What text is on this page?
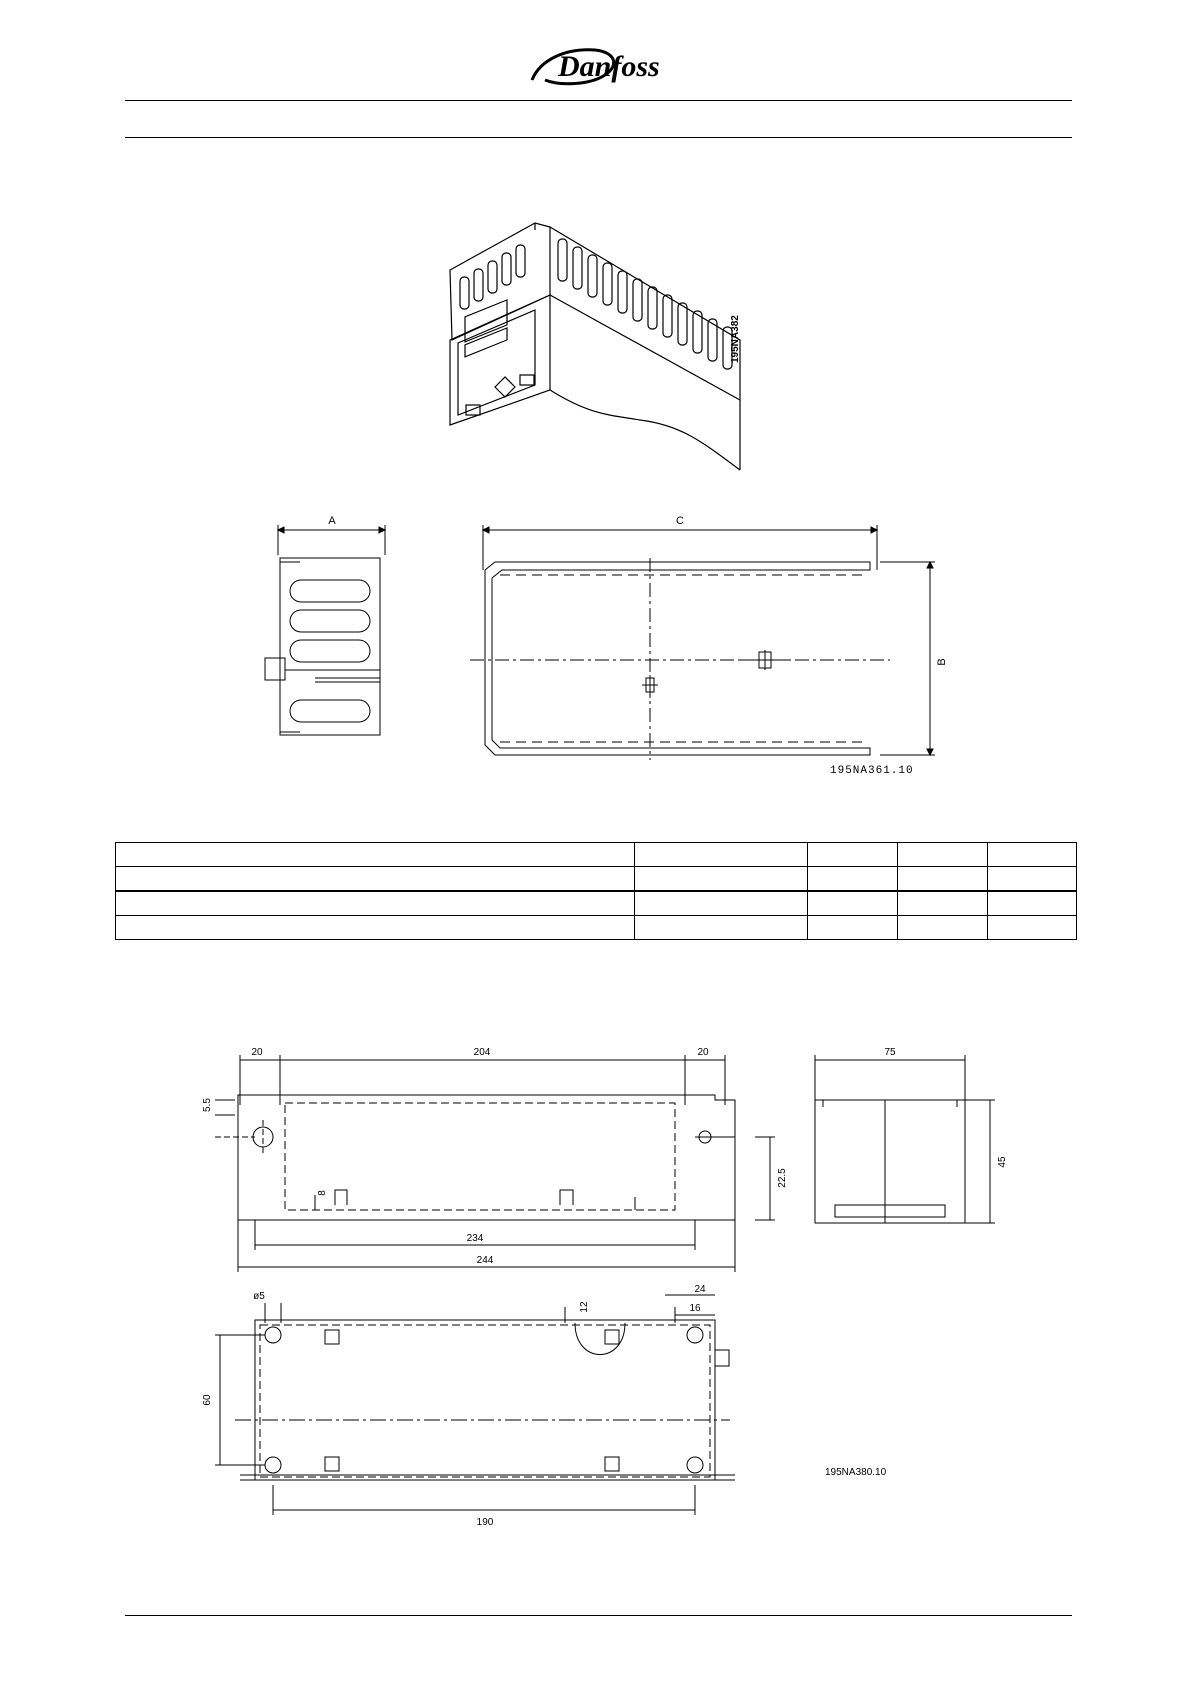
Danfoss
195NA382
A	C
B
195NA361.10

20	204	20	75
5.5
8
22.5
45
234
244
24
16
ø5
12
60
190
195NA380.10
